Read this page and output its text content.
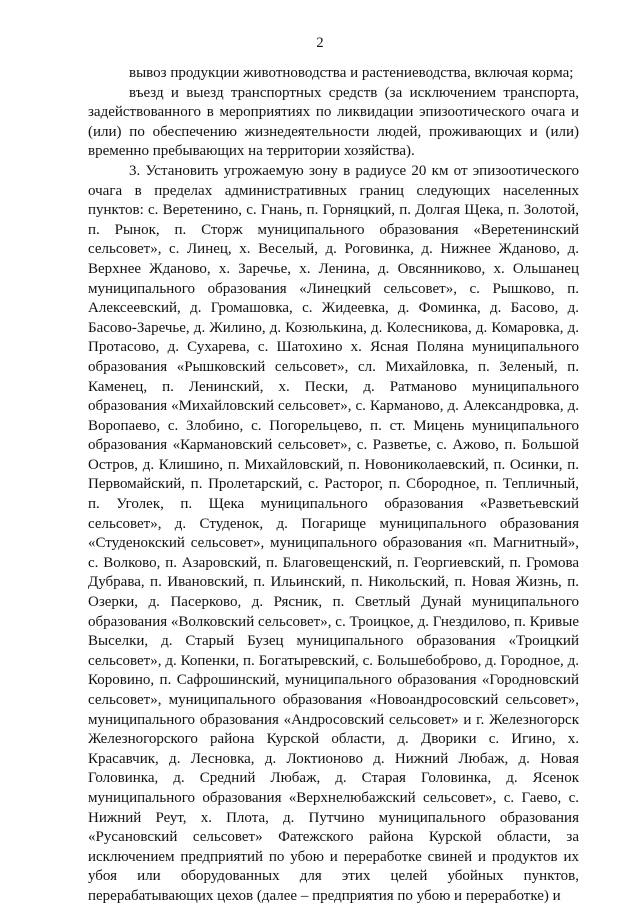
2

вывоз продукции животноводства и растениеводства, включая корма;

въезд и выезд транспортных средств (за исключением транспорта, задействованного в мероприятиях по ликвидации эпизоотического очага и (или) по обеспечению жизнедеятельности людей, проживающих и (или) временно пребывающих на территории хозяйства).

3. Установить угрожаемую зону в радиусе 20 км от эпизоотического очага в пределах административных границ следующих населенных пунктов: с. Веретенино, с. Гнань, п. Горняцкий, п. Долгая Щека, п. Золотой, п. Рынок, п. Сторж муниципального образования «Веретенинский сельсовет», с. Линец, х. Веселый, д. Роговинка, д. Нижнее Жданово, д. Верхнее Жданово, х. Заречье, х. Ленина, д. Овсянниково, х. Ольшанец муниципального образования «Линецкий сельсовет», с. Рышково, п. Алексеевский, д. Громашовка, с. Жидеевка, д. Фоминка, д. Басово, д. Басово-Заречье, д. Жилино, д. Козюлькина, д. Колесникова, д. Комаровка, д. Протасово, д. Сухарева, с. Шатохино х. Ясная Поляна муниципального образования «Рышковский сельсовет», сл. Михайловка, п. Зеленый, п. Каменец, п. Ленинский, х. Пески, д. Ратманово муниципального образования «Михайловский сельсовет», с. Карманово, д. Александровка, д. Воропаево, с. Злобино, с. Погорельцево, п. ст. Мицень муниципального образования «Кармановский сельсовет», с. Разветье, с. Ажово, п. Большой Остров, д. Клишино, п. Михайловский, п. Новониколаевский, п. Осинки, п. Первомайский, п. Пролетарский, с. Расторог, п. Сбородное, п. Тепличный, п. Уголек, п. Щека муниципального образования «Разветьевский сельсовет», д. Студенок, д. Погарище муниципального образования «Студенокский сельсовет», муниципального образования «п. Магнитный», с. Волково, п. Азаровский, п. Благовещенский, п. Георгиевский, п. Громова Дубрава, п. Ивановский, п. Ильинский, п. Никольский, п. Новая Жизнь, п. Озерки, д. Пасерково, д. Рясник, п. Светлый Дунай муниципального образования «Волковский сельсовет», с. Троицкое, д. Гнездилово, п. Кривые Выселки, д. Старый Бузец муниципального образования «Троицкий сельсовет», д. Копенки, п. Богатыревский, с. Большебоброво, д. Городное, д. Коровино, п. Сафрошинский, муниципального образования «Городновский сельсовет», муниципального образования «Новоандросовский сельсовет», муниципального образования «Андросовский сельсовет» и г. Железногорск Железногорского района Курской области, д. Дворики с. Игино, х. Красавчик, д. Лесновка, д. Локтионово д. Нижний Любаж, д. Новая Головинка, д. Средний Любаж, д. Старая Головинка, д. Ясенок муниципального образования «Верхнелюбажский сельсовет», с. Гаево, с. Нижний Реут, х. Плота, д. Путчино муниципального образования «Русановский сельсовет» Фатежского района Курской области, за исключением предприятий по убою и переработке свиней и продуктов их убоя или оборудованных для этих целей убойных пунктов, перерабатывающих цехов (далее – предприятия по убою и переработке) и
